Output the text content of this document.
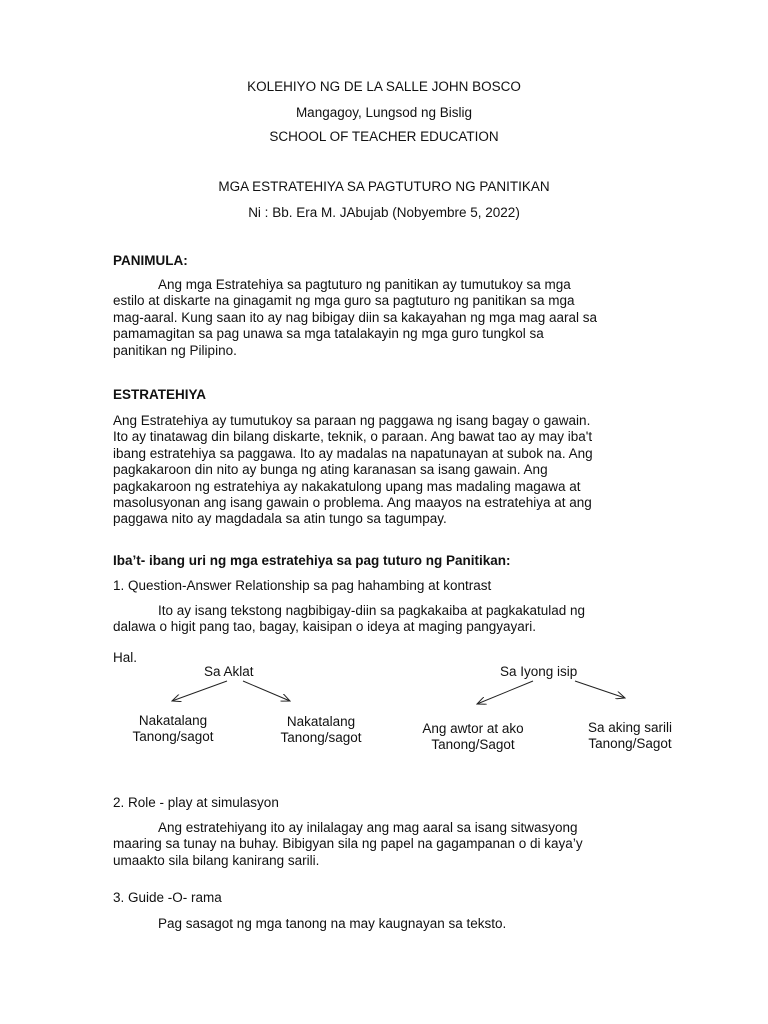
KOLEHIYO NG DE LA SALLE JOHN BOSCO
Mangagoy, Lungsod ng Bislig
SCHOOL OF TEACHER EDUCATION
MGA ESTRATEHIYA SA PAGTUTURO NG PANITIKAN
Ni : Bb. Era M. JAbujab (Nobyembre 5, 2022)
PANIMULA:
Ang mga Estratehiya sa pagtuturo ng panitikan ay tumutukoy sa mga
estilo at diskarte na ginagamit ng mga guro sa pagtuturo ng panitikan sa mga
mag-aaral. Kung saan ito ay nag bibigay diin sa kakayahan ng mga mag aaral sa
pamamagitan sa pag unawa sa mga tatalakayin ng mga guro tungkol sa
panitikan ng Pilipino.
ESTRATEHIYA
Ang Estratehiya ay tumutukoy sa paraan ng paggawa ng isang bagay o gawain.
Ito ay tinatawag din bilang diskarte, teknik, o paraan. Ang bawat tao ay may iba't
ibang estratehiya sa paggawa. Ito ay madalas na napatunayan at subok na. Ang
pagkakaroon din nito ay bunga ng ating karanasan sa isang gawain. Ang
pagkakaroon ng estratehiya ay nakakatulong upang mas madaling magawa at
masolusyonan ang isang gawain o problema. Ang maayos na estratehiya at ang
paggawa nito ay magdadala sa atin tungo sa tagumpay.
Iba’t- ibang uri ng mga estratehiya sa pag tuturo ng Panitikan:
1. Question-Answer Relationship sa pag hahambing at kontrast
Ito ay isang tekstong nagbibigay-diin sa pagkakaiba at pagkakatulad ng
dalawa o higit pang tao, bagay, kaisipan o ideya at maging pangyayari.
Hal.
Sa Aklat	Sa Iyong isip
Nakatalang
Tanong/sagot
Nakatalang
Tanong/sagot
Ang awtor at ako
Tanong/Sagot
Sa aking sarili
Tanong/Sagot
2. Role - play at simulasyon
Ang estratehiyang ito ay inilalagay ang mag aaral sa isang sitwasyong
maaring sa tunay na buhay. Bibigyan sila ng papel na gagampanan o di kaya’y
umaakto sila bilang kanirang sarili.
3. Guide -O- rama
Pag sasagot ng mga tanong na may kaugnayan sa teksto.
